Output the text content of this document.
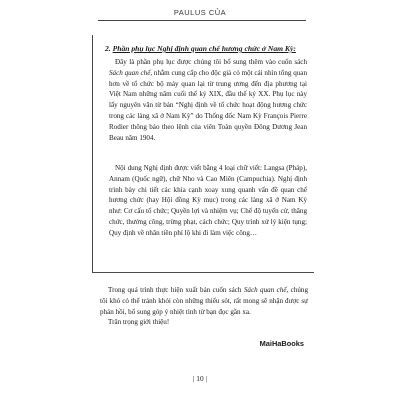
PAULUS CỦA
2. Phần phụ lục Nghị định quan chế hương chức ở Nam Kỳ:
Đây là phần phụ lục được chúng tôi bổ sung thêm vào cuốn sách Sách quan chế, nhằm cung cấp cho độc giả có một cái nhìn tổng quan hơn về tổ chức bộ máy quan lại từ trung ương đến địa phương tại Việt Nam những năm cuối thế kỷ XIX, đầu thế kỷ XX. Phụ lục này lấy nguyên văn từ bản “Nghị định về tổ chức hoạt động hương chức trong các làng xã ở Nam Kỳ” do Thống đốc Nam Kỳ François Pierre Rodier thông báo theo lệnh của viên Toàn quyền Đông Dương Jean Beau năm 1904.
Nội dung Nghị định được viết bằng 4 loại chữ viết: Langsa (Pháp), Annam (Quốc ngữ), chữ Nho và Cao Miên (Campuchia). Nghị định trình bày chi tiết các khía cạnh xoay xung quanh vấn đề quan chế hương chức (hay Hội đồng Kỳ mục) trong các làng xã ở Nam Kỳ như: Cơ cấu tổ chức; Quyền lợi và nhiệm vụ; Chế độ tuyển cử, thăng chức, thưởng công, trừng phạt, cách chức; Quy trình xử lý kiện tụng; Quy định về nhân tiền phí lộ khi đi làm việc công…
Trong quá trình thực hiện xuất bản cuốn sách Sách quan chế, chúng tôi khó có thể tránh khỏi còn những thiếu sót, rất mong sẽ nhận được sự phản hồi, bổ sung góp ý nhiệt tình từ bạn đọc gần xa.
Trân trọng giới thiệu!
MaiHaBooks
| 10 |
